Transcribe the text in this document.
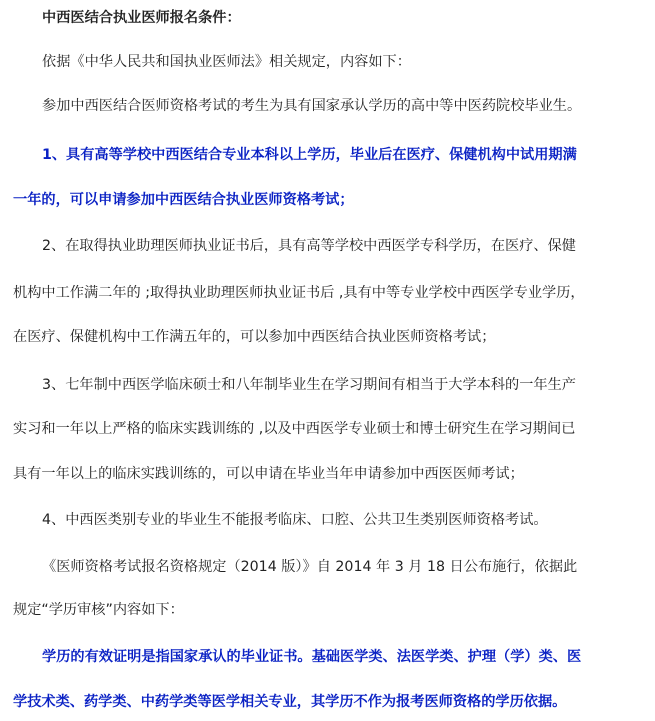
中西医结合执业医师报名条件：
依据《中华人民共和国执业医师法》相关规定，内容如下：
参加中西医结合医师资格考试的考生为具有国家承认学历的高中等中医药院校毕业生。
1、具有高等学校中西医结合专业本科以上学历，毕业后在医疗、保健机构中试用期满
一年的，可以申请参加中西医结合执业医师资格考试；
2、在取得执业助理医师执业证书后，具有高等学校中西医学专科学历，在医疗、保健
机构中工作满二年的 ;取得执业助理医师执业证书后 ,具有中等专业学校中西医学专业学历，
在医疗、保健机构中工作满五年的，可以参加中西医结合执业医师资格考试；
3、七年制中西医学临床硕士和八年制毕业生在学习期间有相当于大学本科的一年生产
实习和一年以上严格的临床实践训练的 ,以及中西医学专业硕士和博士研究生在学习期间已
具有一年以上的临床实践训练的，可以申请在毕业当年申请参加中西医医师考试；
4、中西医类别专业的毕业生不能报考临床、口腔、公共卫生类别医师资格考试。
《医师资格考试报名资格规定（2014 版）》自 2014 年 3 月 18 日公布施行，依据此
规定“学历审核”内容如下：
学历的有效证明是指国家承认的毕业证书。基础医学类、法医学类、护理（学）类、医
学技术类、药学类、中药学类等医学相关专业，其学历不作为报考医师资格的学历依据。
